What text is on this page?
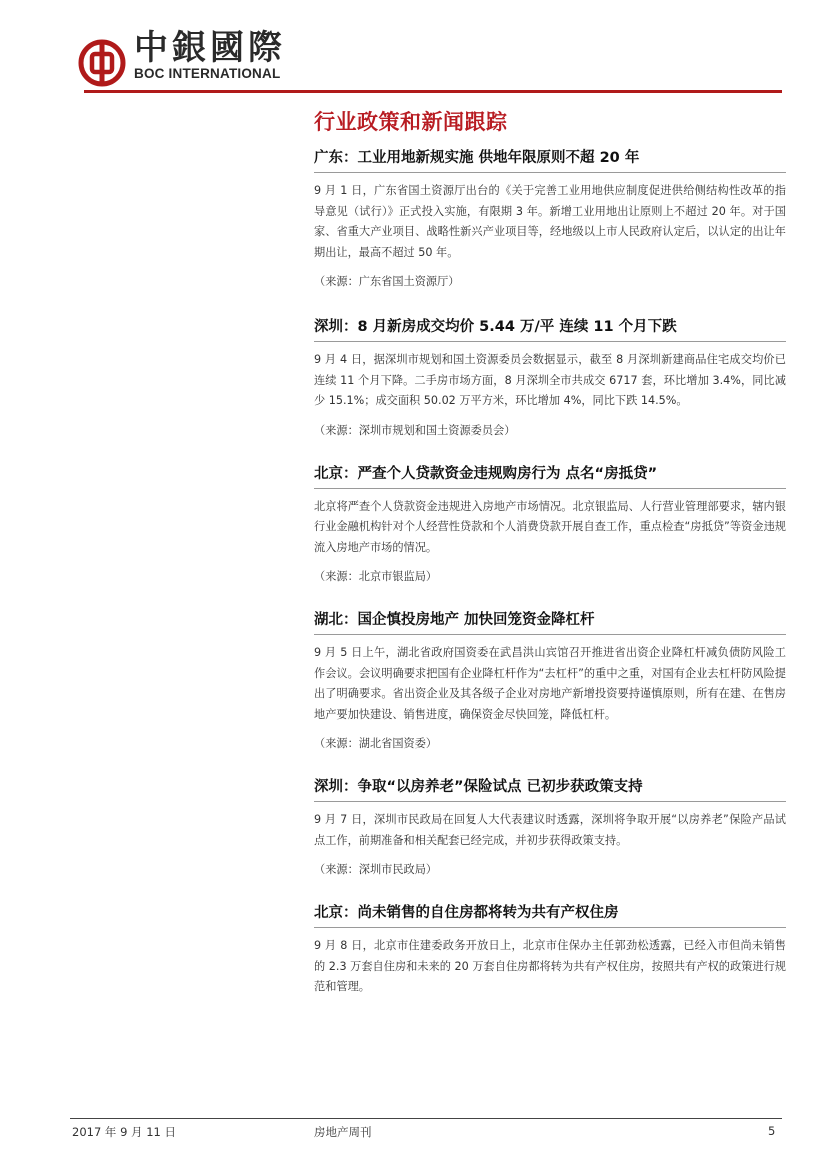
中銀國際
BOC INTERNATIONAL
行业政策和新闻跟踪
广东：工业用地新规实施 供地年限原则不超 20 年

9 月 1 日，广东省国土资源厅出台的《关于完善工业用地供应制度促进供给侧结构性改革的指导意见（试行）》正式投入实施，有限期 3 年。新增工业用地出让原则上不超过 20 年。对于国家、省重大产业项目、战略性新兴产业项目等，经地级以上市人民政府认定后，以认定的出让年期出让，最高不超过 50 年。

（来源：广东省国土资源厅）

深圳：8 月新房成交均价 5.44 万/平 连续 11 个月下跌

9 月 4 日，据深圳市规划和国土资源委员会数据显示，截至 8 月深圳新建商品住宅成交均价已连续 11 个月下降。二手房市场方面，8 月深圳全市共成交 6717 套，环比增加 3.4%，同比减少 15.1%；成交面积 50.02 万平方米，环比增加 4%，同比下跌 14.5%。

（来源：深圳市规划和国土资源委员会）

北京：严查个人贷款资金违规购房行为 点名“房抵贷”

北京将严查个人贷款资金违规进入房地产市场情况。北京银监局、人行营业管理部要求，辖内银行业金融机构针对个人经营性贷款和个人消费贷款开展自查工作，重点检查“房抵贷”等资金违规流入房地产市场的情况。

（来源：北京市银监局）

湖北：国企慎投房地产 加快回笼资金降杠杆

9 月 5 日上午，湖北省政府国资委在武昌洪山宾馆召开推进省出资企业降杠杆减负债防风险工作会议。会议明确要求把国有企业降杠杆作为“去杠杆”的重中之重，对国有企业去杠杆防风险提出了明确要求。省出资企业及其各级子企业对房地产新增投资要持谨慎原则，所有在建、在售房地产要加快建设、销售进度，确保资金尽快回笼，降低杠杆。

（来源：湖北省国资委）

深圳：争取“以房养老”保险试点 已初步获政策支持

9 月 7 日，深圳市民政局在回复人大代表建议时透露，深圳将争取开展“以房养老”保险产品试点工作，前期准备和相关配套已经完成，并初步获得政策支持。

（来源：深圳市民政局）

北京：尚未销售的自住房都将转为共有产权住房

9 月 8 日，北京市住建委政务开放日上，北京市住保办主任郭劲松透露，已经入市但尚未销售的 2.3 万套自住房和未来的 20 万套自住房都将转为共有产权住房，按照共有产权的政策进行规范和管理。

2017 年 9 月 11 日	房地产周刊	5
